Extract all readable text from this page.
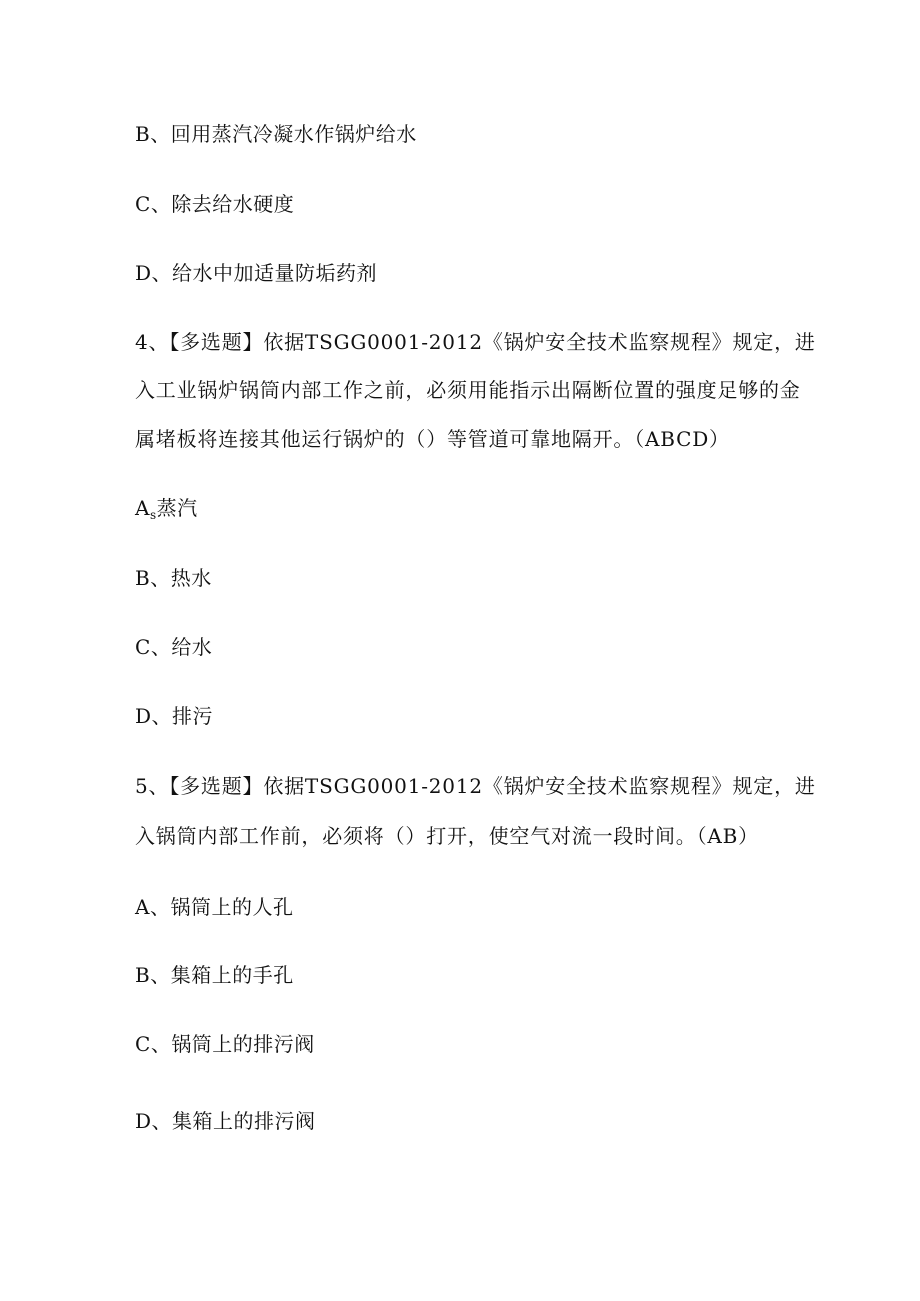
B、回用蒸汽冷凝水作锅炉给水
C、除去给水硬度
D、给水中加适量防垢药剂
4、【多选题】依据TSGG0001-2012《锅炉安全技术监察规程》规定，进
入工业锅炉锅筒内部工作之前，必须用能指示出隔断位置的强度足够的金
属堵板将连接其他运行锅炉的（）等管道可靠地隔开。（ABCD）
$A_s$蒸汽
B、热水
C、给水
D、排污
5、【多选题】依据TSGG0001-2012《锅炉安全技术监察规程》规定，进
入锅筒内部工作前，必须将（）打开，使空气对流一段时间。（AB）
A、锅筒上的人孔
B、集箱上的手孔
C、锅筒上的排污阀
D、集箱上的排污阀
